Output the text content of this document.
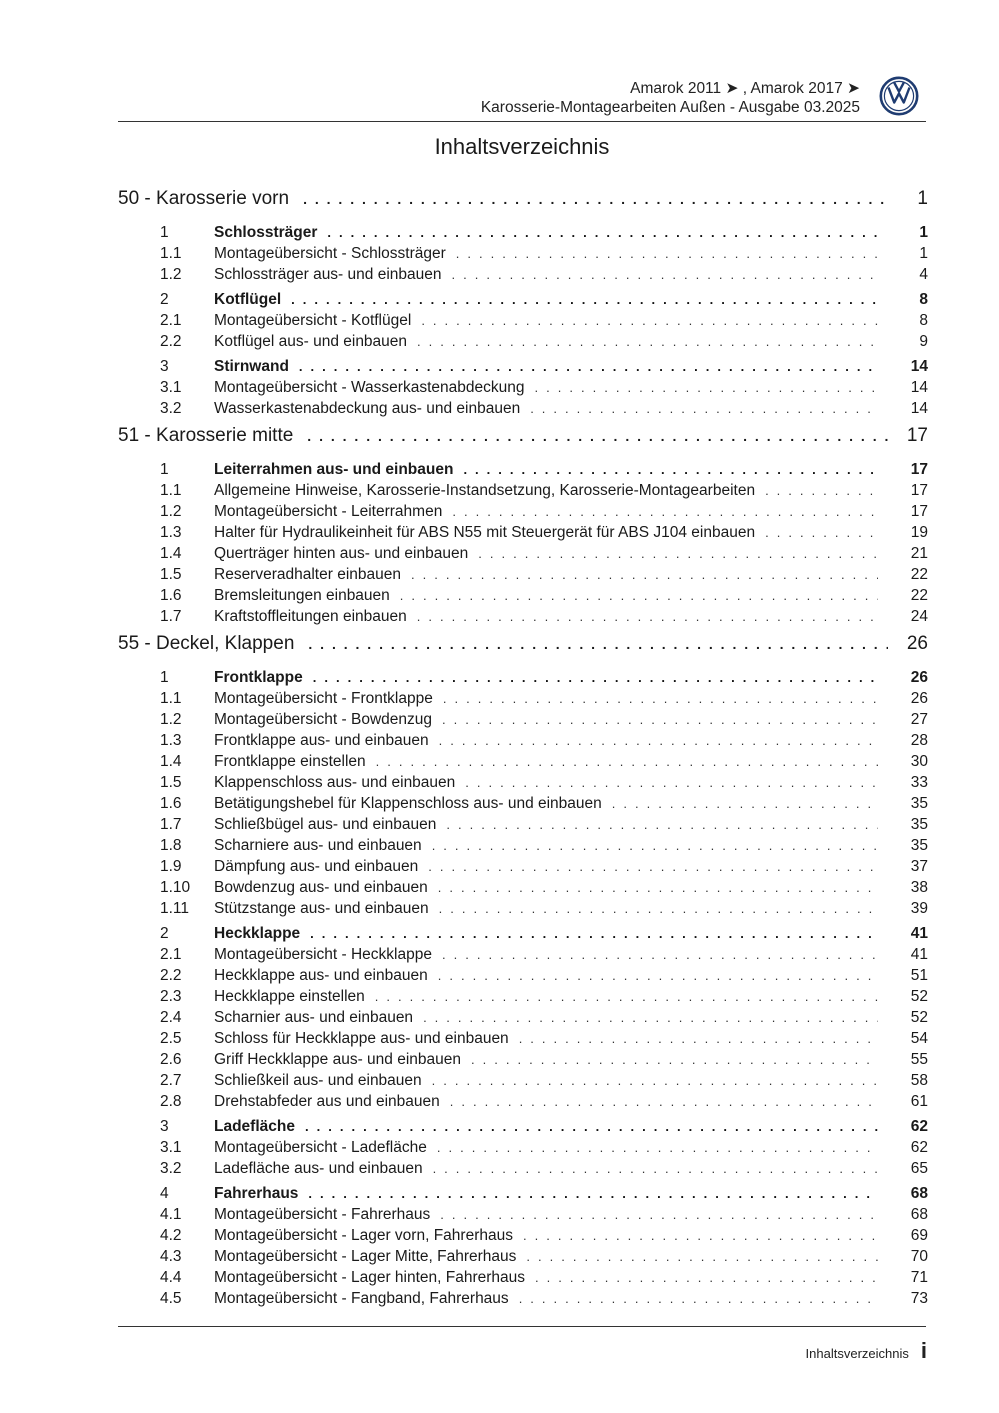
Amarok 2011 ➤ , Amarok 2017 ➤
Karosserie-Montagearbeiten Außen - Ausgabe 03.2025
Inhaltsverzeichnis
50 - Karosserie vorn . . .	1
1	Schlossträger . . .	1
1.1	Montageübersicht - Schlossträger . . .	1
1.2	Schlossträger aus- und einbauen . . .	4
2	Kotflügel . . .	8
2.1	Montageübersicht - Kotflügel . . .	8
2.2	Kotflügel aus- und einbauen . . .	9
3	Stirnwand . . .	14
3.1	Montageübersicht - Wasserkastenabdeckung . . .	14
3.2	Wasserkastenabdeckung aus- und einbauen . . .	14
51 - Karosserie mitte . . .	17
1	Leiterrahmen aus- und einbauen . . .	17
1.1	Allgemeine Hinweise, Karosserie-Instandsetzung, Karosserie-Montagearbeiten . . .	17
1.2	Montageübersicht - Leiterrahmen . . .	17
1.3	Halter für Hydraulikeinheit für ABS N55 mit Steuergerät für ABS J104 einbauen . . .	19
1.4	Querträger hinten aus- und einbauen . . .	21
1.5	Reserveradhalter einbauen . . .	22
1.6	Bremsleitungen einbauen . . .	22
1.7	Kraftstoffleitungen einbauen . . .	24
55 - Deckel, Klappen . . .	26
1	Frontklappe . . .	26
1.1	Montageübersicht - Frontklappe . . .	26
1.2	Montageübersicht - Bowdenzug . . .	27
1.3	Frontklappe aus- und einbauen . . .	28
1.4	Frontklappe einstellen . . .	30
1.5	Klappenschloss aus- und einbauen . . .	33
1.6	Betätigungshebel für Klappenschloss aus- und einbauen . . .	35
1.7	Schließbügel aus- und einbauen . . .	35
1.8	Scharniere aus- und einbauen . . .	35
1.9	Dämpfung aus- und einbauen . . .	37
1.10	Bowdenzug aus- und einbauen . . .	38
1.11	Stützstange aus- und einbauen . . .	39
2	Heckklappe . . .	41
2.1	Montageübersicht - Heckklappe . . .	41
2.2	Heckklappe aus- und einbauen . . .	51
2.3	Heckklappe einstellen . . .	52
2.4	Scharnier aus- und einbauen . . .	52
2.5	Schloss für Heckklappe aus- und einbauen . . .	54
2.6	Griff Heckklappe aus- und einbauen . . .	55
2.7	Schließkeil aus- und einbauen . . .	58
2.8	Drehstabfeder aus und einbauen . . .	61
3	Ladefläche . . .	62
3.1	Montageübersicht - Ladefläche . . .	62
3.2	Ladefläche aus- und einbauen . . .	65
4	Fahrerhaus . . .	68
4.1	Montageübersicht - Fahrerhaus . . .	68
4.2	Montageübersicht - Lager vorn, Fahrerhaus . . .	69
4.3	Montageübersicht - Lager Mitte, Fahrerhaus . . .	70
4.4	Montageübersicht - Lager hinten, Fahrerhaus . . .	71
4.5	Montageübersicht - Fangband, Fahrerhaus . . .	73
Inhaltsverzeichnis i
